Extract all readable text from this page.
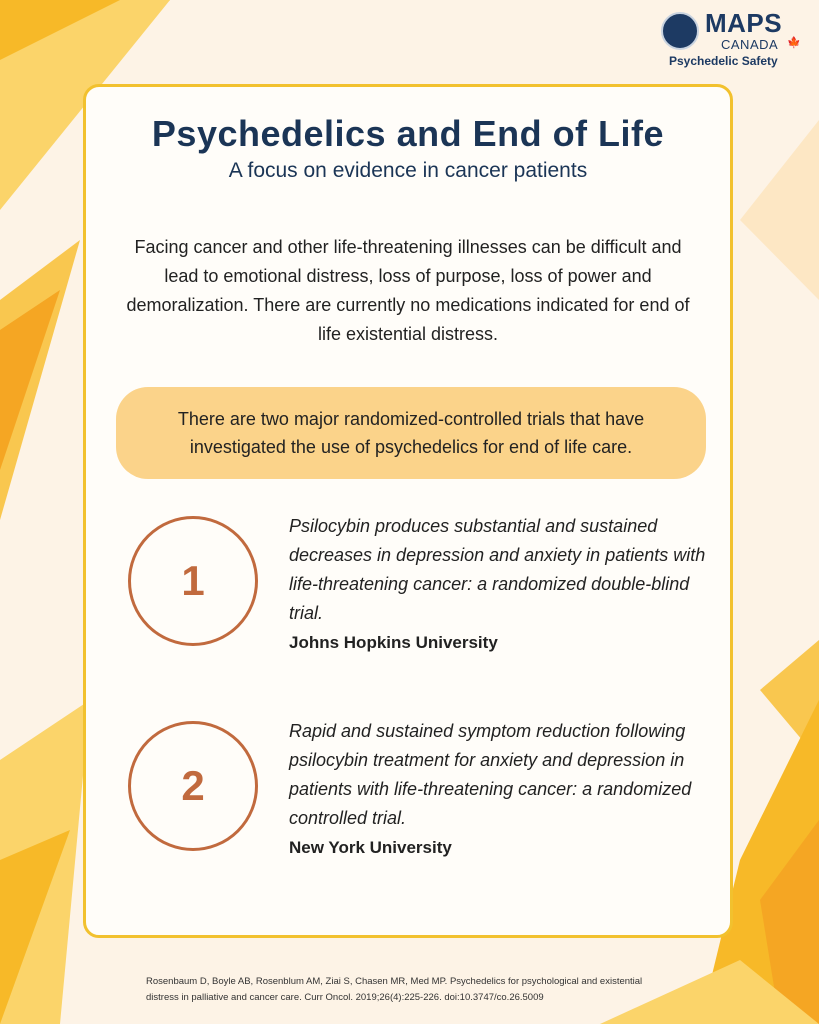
MAPS
CANADA 🍁
Psychedelic Safety
Psychedelics and End of Life
A focus on evidence in cancer patients
Facing cancer and other life-threatening illnesses can be difficult and lead to emotional distress, loss of purpose, loss of power and demoralization. There are currently no medications indicated for end of life existential distress.
There are two major randomized-controlled trials that have investigated the use of psychedelics for end of life care.
1
Psilocybin produces substantial and sustained decreases in depression and anxiety in patients with life-threatening cancer: a randomized double-blind trial.
Johns Hopkins University
2
Rapid and sustained symptom reduction following psilocybin treatment for anxiety and depression in patients with life-threatening cancer: a randomized controlled trial.
New York University
Rosenbaum D, Boyle AB, Rosenblum AM, Ziai S, Chasen MR, Med MP. Psychedelics for psychological and existential distress in palliative and cancer care. Curr Oncol. 2019;26(4):225-226. doi:10.3747/co.26.5009
